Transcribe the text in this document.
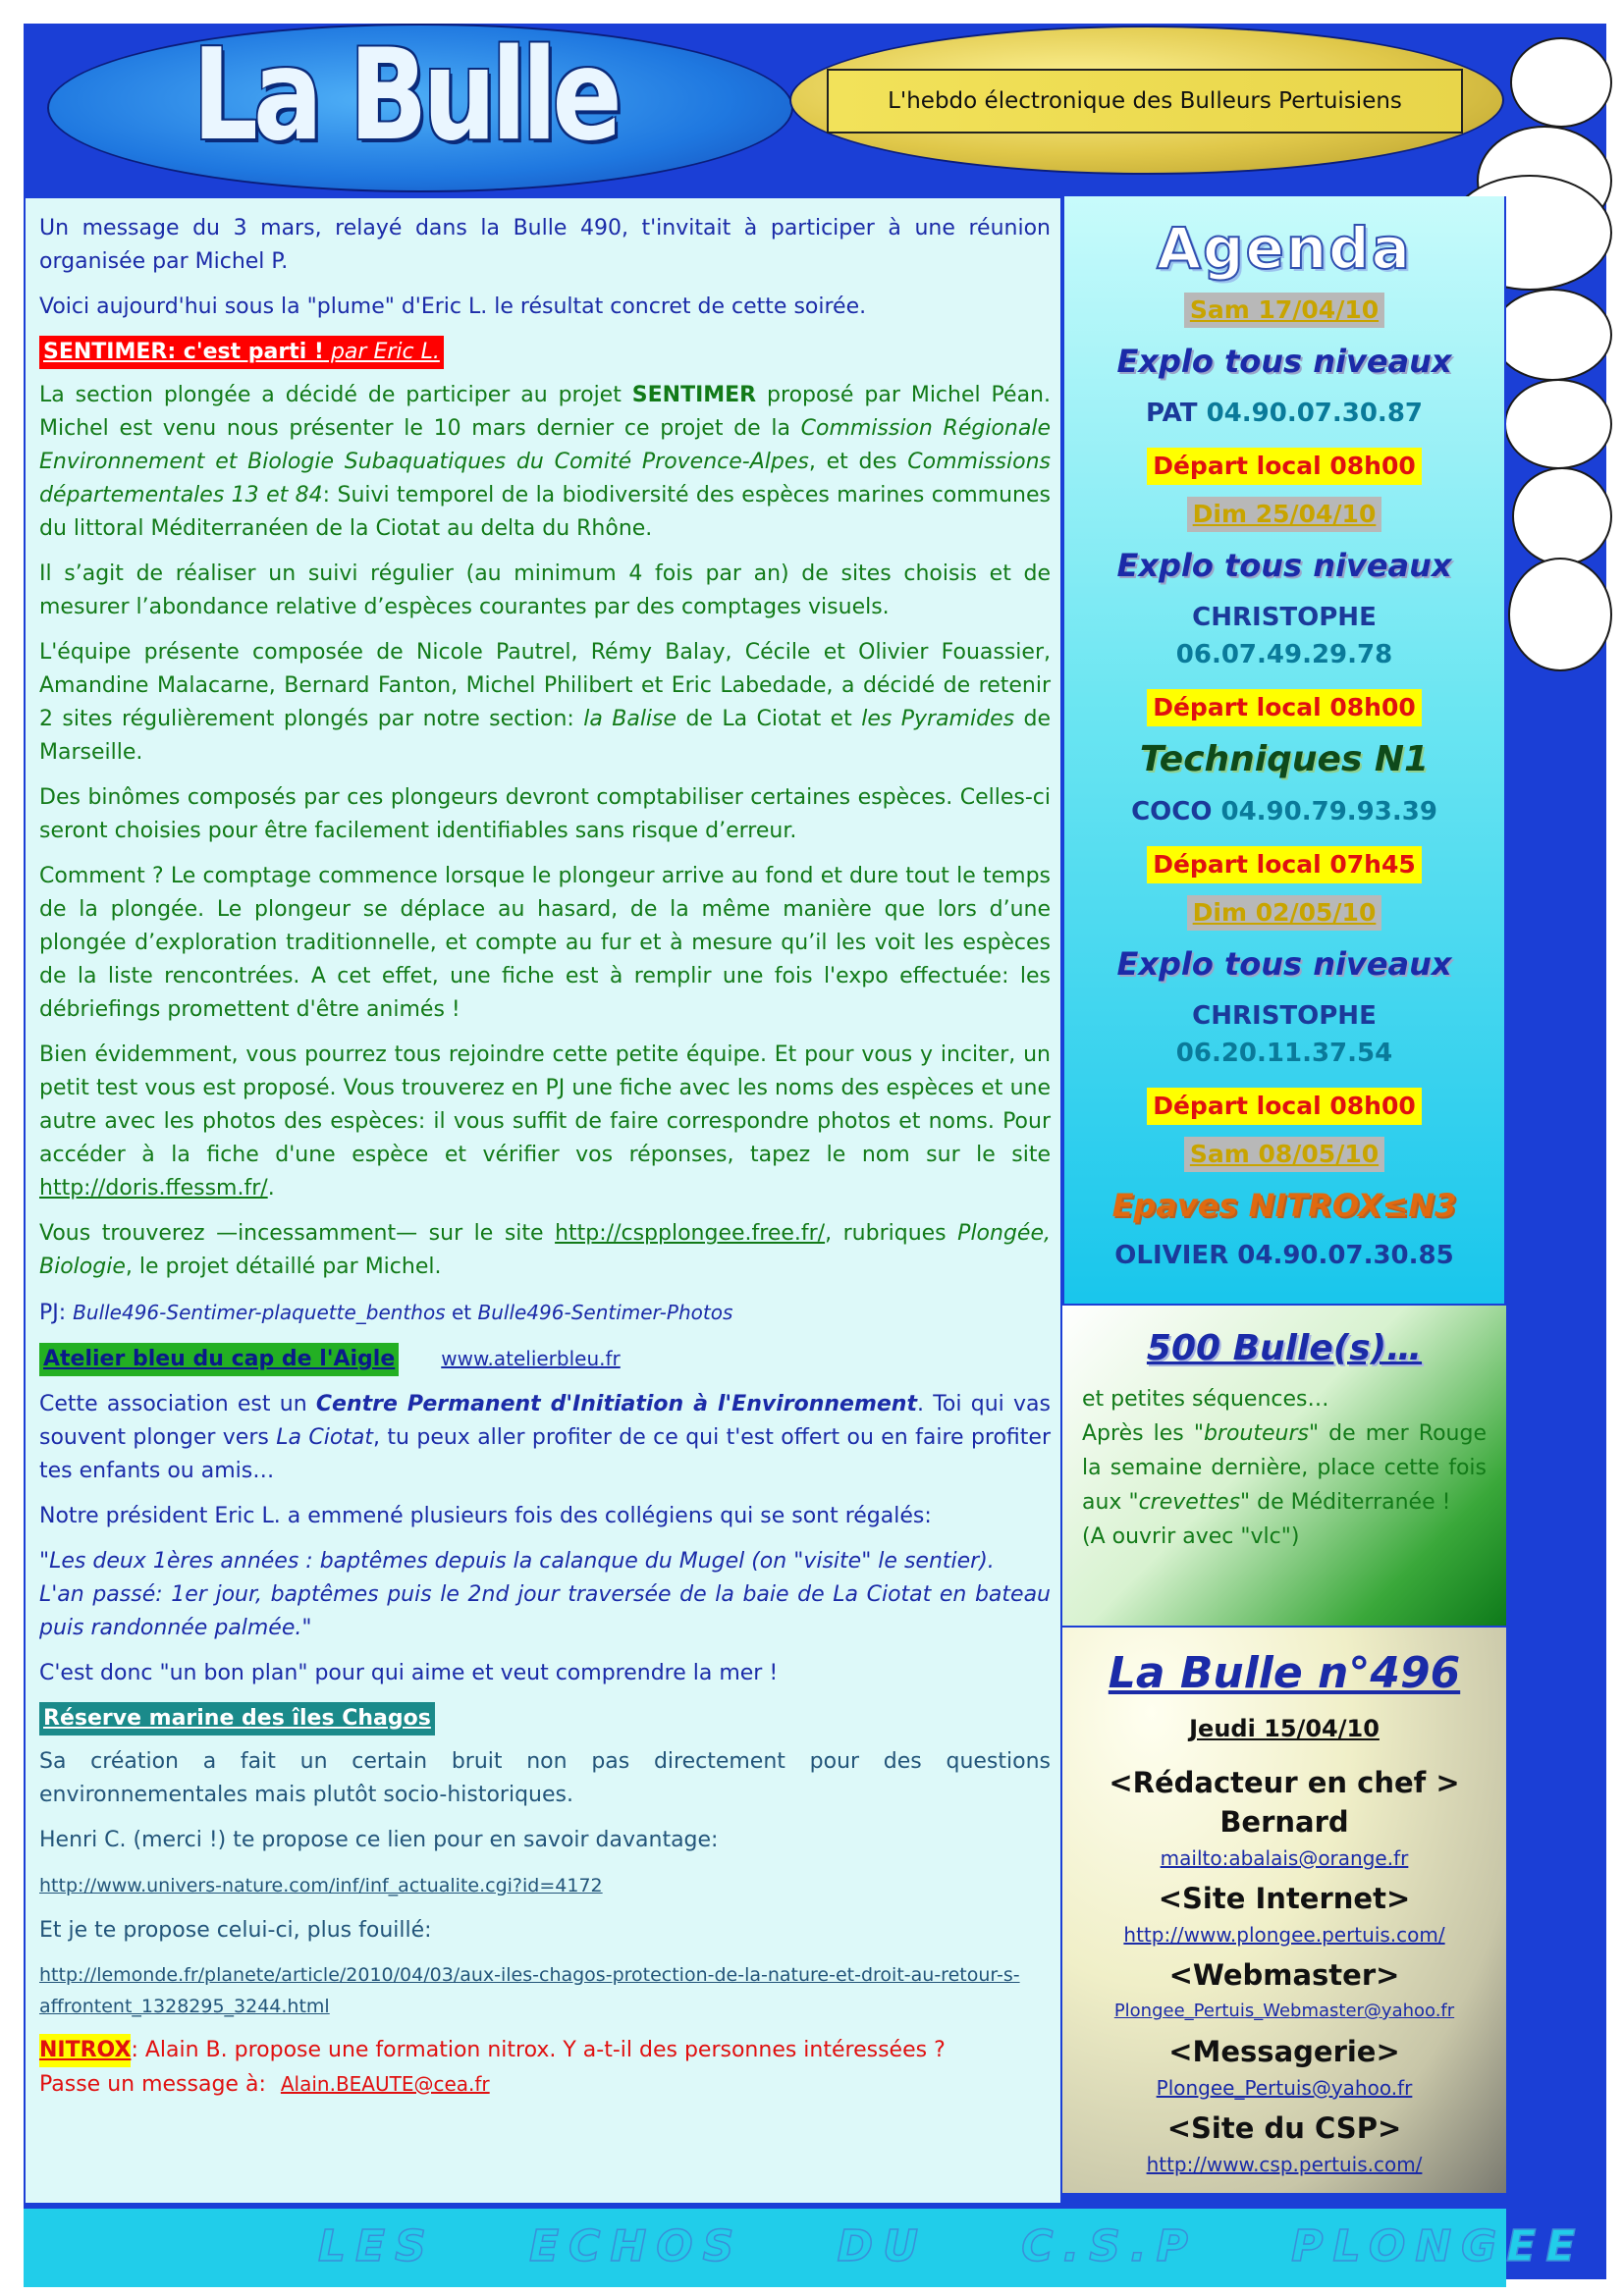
La Bulle	L'hebdo électronique des Bulleurs Pertuisiens

Un message du 3 mars, relayé dans la Bulle 490, t'invitait à participer à une réunion organisée par Michel P.

Voici aujourd'hui sous la "plume" d'Eric L. le résultat concret de cette soirée.

SENTIMER: c'est parti ! par Eric L.

La section plongée a décidé de participer au projet SENTIMER proposé par Michel Péan. Michel est venu nous présenter le 10 mars dernier ce projet de la Commission Régionale Environnement et Biologie Subaquatiques du Comité Provence-Alpes, et des Commissions départementales 13 et 84: Suivi temporel de la biodiversité des espèces marines communes du littoral Méditerranéen de la Ciotat au delta du Rhône.

Il s’agit de réaliser un suivi régulier (au minimum 4 fois par an) de sites choisis et de mesurer l’abondance relative d’espèces courantes par des comptages visuels.

L'équipe présente composée de Nicole Pautrel, Rémy Balay, Cécile et Olivier Fouassier, Amandine Malacarne, Bernard Fanton, Michel Philibert et Eric Labedade, a décidé de retenir 2 sites régulièrement plongés par notre section: la Balise de La Ciotat et les Pyramides de Marseille.

Des binômes composés par ces plongeurs devront comptabiliser certaines espèces. Celles-ci seront choisies pour être facilement identifiables sans risque d’erreur.

Comment ? Le comptage commence lorsque le plongeur arrive au fond et dure tout le temps de la plongée. Le plongeur se déplace au hasard, de la même manière que lors d’une plongée d’exploration traditionnelle, et compte au fur et à mesure qu’il les voit les espèces de la liste rencontrées. A cet effet, une fiche est à remplir une fois l'expo effectuée: les débriefings promettent d'être animés !

Bien évidemment, vous pourrez tous rejoindre cette petite équipe. Et pour vous y inciter, un petit test vous est proposé. Vous trouverez en PJ une fiche avec les noms des espèces et une autre avec les photos des espèces: il vous suffit de faire correspondre photos et noms. Pour accéder à la fiche d'une espèce et vérifier vos réponses, tapez le nom sur le site http://doris.ffessm.fr/.

Vous trouverez —incessamment— sur le site http://cspplongee.free.fr/, rubriques Plongée, Biologie, le projet détaillé par Michel.

PJ: Bulle496-Sentimer-plaquette_benthos et Bulle496-Sentimer-Photos

Atelier bleu du cap de l'Aigle www.atelierbleu.fr

Cette association est un Centre Permanent d'Initiation à l'Environnement. Toi qui vas souvent plonger vers La Ciotat, tu peux aller profiter de ce qui t'est offert ou en faire profiter tes enfants ou amis…

Notre président Eric L. a emmené plusieurs fois des collégiens qui se sont régalés:

"Les deux 1ères années : baptêmes depuis la calanque du Mugel (on "visite" le sentier).

L'an passé: 1er jour, baptêmes puis le 2nd jour traversée de la baie de La Ciotat en bateau puis randonnée palmée."

C'est donc "un bon plan" pour qui aime et veut comprendre la mer !

Réserve marine des îles Chagos

Sa création a fait un certain bruit non pas directement pour des questions environnementales mais plutôt socio-historiques.

Henri C. (merci !) te propose ce lien pour en savoir davantage:

http://www.univers-nature.com/inf/inf_actualite.cgi?id=4172

Et je te propose celui-ci, plus fouillé:

http://lemonde.fr/planete/article/2010/04/03/aux-iles-chagos-protection-de-la-nature-et-droit-au-retour-s-affrontent_1328295_3244.html

NITROX: Alain B. propose une formation nitrox. Y a-t-il des personnes intéressées ?

Passe un message à: Alain.BEAUTE@cea.fr

Agenda
Sam 17/04/10
Explo tous niveaux
PAT 04.90.07.30.87
Départ local 08h00
Dim 25/04/10
Explo tous niveaux
CHRISTOPHE
06.07.49.29.78
Départ local 08h00
Techniques N1
COCO 04.90.79.93.39
Départ local 07h45
Dim 02/05/10
Explo tous niveaux
CHRISTOPHE
06.20.11.37.54
Départ local 08h00
Sam 08/05/10
Epaves NITROX≤N3
OLIVIER 04.90.07.30.85
500 Bulle(s)…
et petites séquences…
Après les "brouteurs" de mer Rouge la semaine dernière, place cette fois aux "crevettes" de Méditerranée !
(A ouvrir avec "vlc")
La Bulle n°496
Jeudi 15/04/10
<Rédacteur en chef >
Bernard
mailto:abalais@orange.fr
<Site Internet>
http://www.plongee.pertuis.com/
<Webmaster>
Plongee_Pertuis_Webmaster@yahoo.fr
<Messagerie>
Plongee_Pertuis@yahoo.fr
<Site du CSP>
http://www.csp.pertuis.com/
LES ECHOS DU C.S.P PLONGEE
